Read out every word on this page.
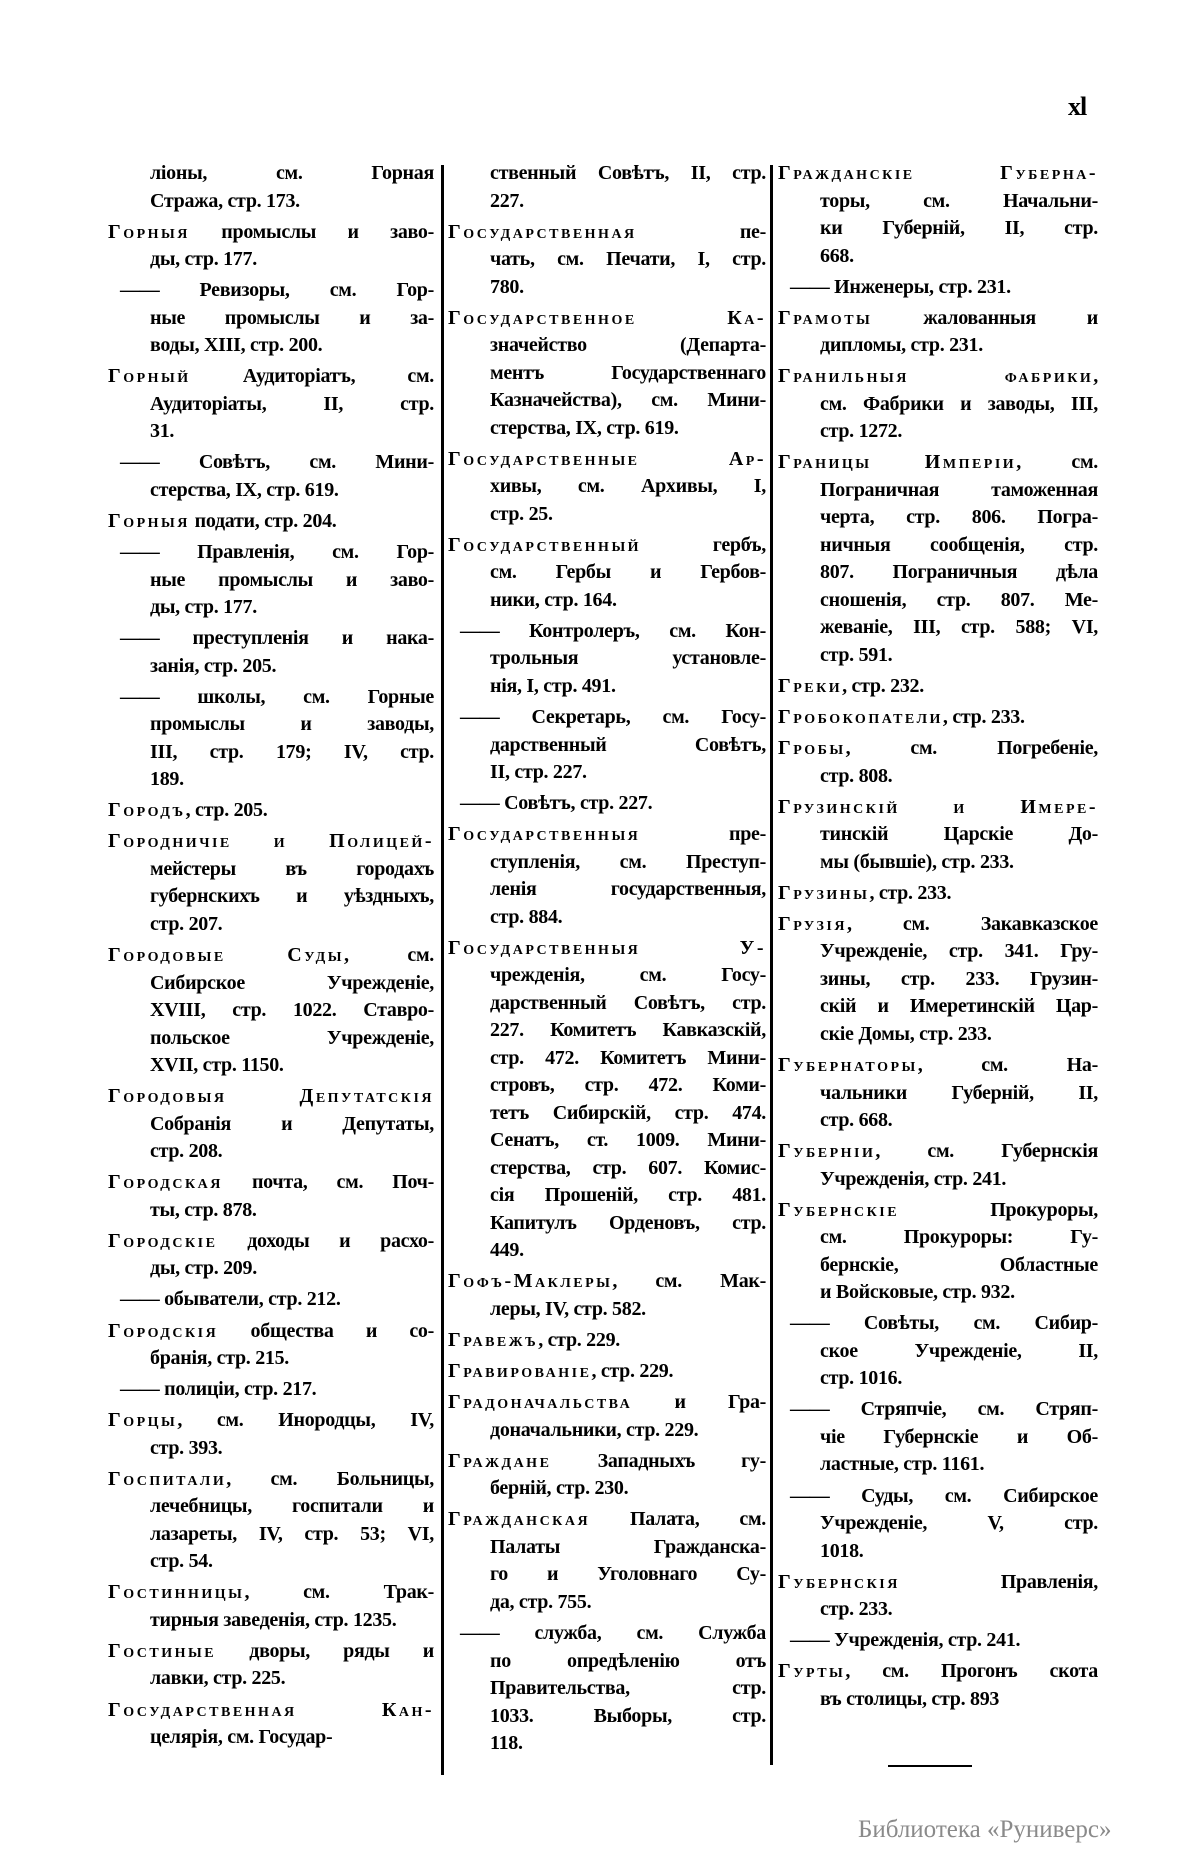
xl
лiоны, см. Горная
Стража, стр. 173.
Горныя промыслы и заво-
ды, стр. 177.
—— Ревизоры, см. Гор-
ные промыслы и за-
воды, XIII, стр. 200.
Горный Аудиторiатъ, см.
Аудиторiаты, II, стр.
31.
—— Совѣтъ, см. Мини-
стерства, IX, стр. 619.
Горныя подати, стр. 204.
—— Правленiя, см. Гор-
ные промыслы и заво-
ды, стр. 177.
—— преступленiя и нака-
занiя, стр. 205.
—— школы, см. Горные
промыслы и заводы,
III, стр. 179; IV, стр.
189.
Городъ, стр. 205.
Городничiе и Полицей-
мейстеры въ городахъ
губернскихъ и уѣздныхъ,
стр. 207.
Городовые Суды, см.
Сибирское Учрежденiе,
XVIII, стр. 1022. Ставро-
польское Учрежденiе,
XVII, стр. 1150.
Городовыя Депутатскiя
Собранiя и Депутаты,
стр. 208.
Городская почта, см. Поч-
ты, стр. 878.
Городскiе доходы и расхо-
ды, стр. 209.
—— обыватели, стр. 212.
Городскiя общества и со-
бранiя, стр. 215.
—— полицiи, стр. 217.
Горцы, см. Инородцы, IV,
стр. 393.
Госпитали, см. Больницы,
лечебницы, госпитали и
лазареты, IV, стр. 53; VI,
стр. 54.
Гостинницы, см. Трак-
тирныя заведенiя, стр. 1235.
Гостиные дворы, ряды и
лавки, стр. 225.
Государственная Кан-
целярiя, см. Государ-
ственный Совѣтъ, II, стр.
227.
Государственная пе-
чать, см. Печати, I, стр.
780.
Государственное Ка-
значейство (Департа-
ментъ Государственнаго
Казначейства), см. Мини-
стерства, IX, стр. 619.
Государственные Ар-
хивы, см. Архивы, I,
стр. 25.
Государственный гербъ,
см. Гербы и Гербов-
ники, стр. 164.
—— Контролеръ, см. Кон-
трольныя установле-
нiя, I, стр. 491.
—— Секретарь, см. Госу-
дарственный Совѣтъ,
II, стр. 227.
—— Совѣтъ, стр. 227.
Государственныя пре-
ступленiя, см. Преступ-
ленiя государственныя,
стр. 884.
Государственныя У-
чрежденiя, см. Госу-
дарственный Совѣтъ, стр.
227. Комитетъ Кавказскiй,
стр. 472. Комитетъ Мини-
стровъ, стр. 472. Коми-
тетъ Сибирскiй, стр. 474.
Сенатъ, ст. 1009. Мини-
стерства, стр. 607. Комис-
сiя Прошенiй, стр. 481.
Капитулъ Орденовъ, стр.
449.
Гофъ-Маклеры, см. Мак-
леры, IV, стр. 582.
Гравежъ, стр. 229.
Гравированiе, стр. 229.
Градоначальства и Гра-
доначальники, стр. 229.
Граждане Западныхъ гу-
бернiй, стр. 230.
Гражданская Палата, см.
Палаты Гражданска-
го и Уголовнаго Су-
да, стр. 755.
—— служба, см. Служба
по опредѣленiю отъ
Правительства, стр.
1033. Выборы, стр.
118.
Гражданскiе Губерна-
торы, см. Начальни-
ки Губернiй, II, стр.
668.
—— Инженеры, стр. 231.
Грамоты жалованныя и
дипломы, стр. 231.
Гранильныя фабрики,
см. Фабрики и заводы, III,
стр. 1272.
Границы Имперiи, см.
Пограничная таможенная
черта, стр. 806. Погра-
ничныя сообщенiя, стр.
807. Пограничныя дѣла
сношенiя, стр. 807. Ме-
жеванiе, III, стр. 588; VI,
стр. 591.
Греки, стр. 232.
Гробокопатели, стр. 233.
Гробы, см. Погребенiе,
стр. 808.
Грузинскiй и Имере-
тинскiй Царскiе До-
мы (бывшiе), стр. 233.
Грузины, стр. 233.
Грузiя, см. Закавказское
Учрежденiе, стр. 341. Гру-
зины, стр. 233. Грузин-
скiй и Имеретинскiй Цар-
скiе Домы, стр. 233.
Губернаторы, см. На-
чальники Губернiй, II,
стр. 668.
Губернiи, см. Губернскiя
Учрежденiя, стр. 241.
Губернскiе Прокуроры,
см. Прокуроры: Гу-
бернскiе, Областные
и Войсковые, стр. 932.
—— Совѣты, см. Сибир-
ское Учрежденiе, II,
стр. 1016.
—— Стряпчiе, см. Стряп-
чiе Губернскiе и Об-
ластные, стр. 1161.
—— Суды, см. Сибирское
Учрежденiе, V, стр.
1018.
Губернскiя Правленiя,
стр. 233.
—— Учрежденiя, стр. 241.
Гурты, см. Прогонъ скота
въ столицы, стр. 893
Библиотека «Руниверс»
